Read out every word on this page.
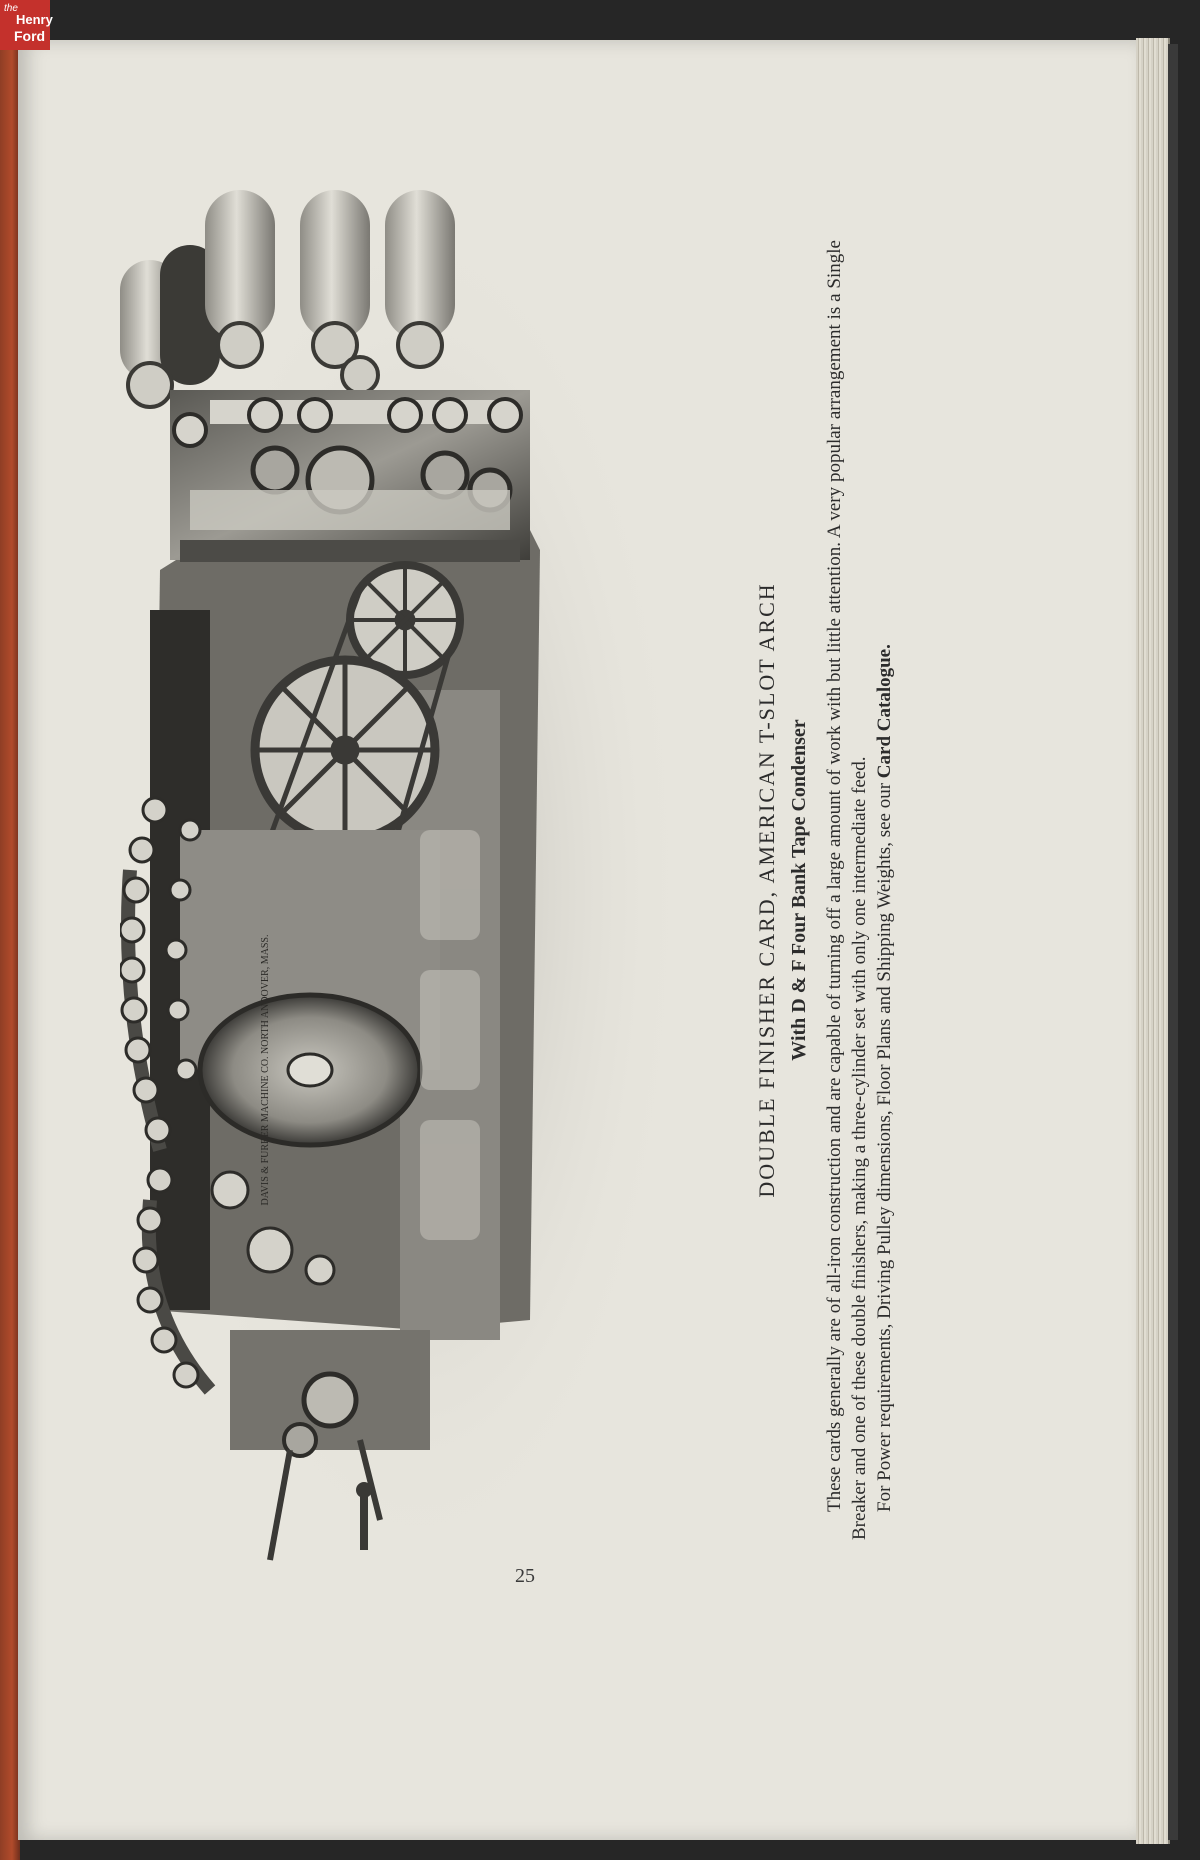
the
Henry
Ford
DAVIS & FURBER MACHINE CO. NORTH ANDOVER, MASS.	DOUBLE FINISHER CARD, AMERICAN T-SLOT ARCH With D & F Four Bank Tape Condenser These cards generally are of all-iron construction and are capable of turning off a large amount of work with but little attention. A very popular arrangement is a Single Breaker and one of these double finishers, making a three-cylinder set with only one intermediate feed. For Power requirements, Driving Pulley dimensions, Floor Plans and Shipping Weights, see our Card Catalogue.

25
